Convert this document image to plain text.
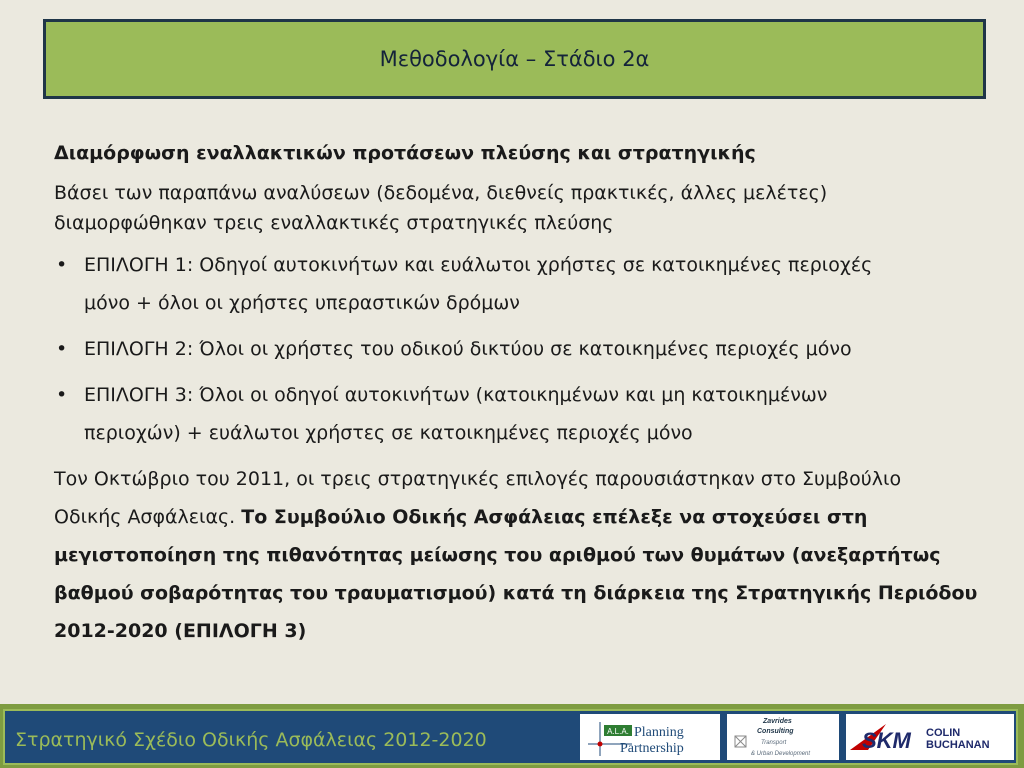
Μεθοδολογία – Στάδιο 2α
Διαμόρφωση εναλλακτικών προτάσεων πλεύσης και στρατηγικής
Βάσει των παραπάνω αναλύσεων (δεδομένα, διεθνείς πρακτικές, άλλες μελέτες)
διαμορφώθηκαν τρεις εναλλακτικές στρατηγικές πλεύσης
• ΕΠΙΛΟΓΗ 1: Οδηγοί αυτοκινήτων και ευάλωτοι χρήστες σε κατοικημένες περιοχές
μόνο + όλοι οι χρήστες υπεραστικών δρόμων
• ΕΠΙΛΟΓΗ 2: Όλοι οι χρήστες του οδικού δικτύου σε κατοικημένες περιοχές μόνο
• ΕΠΙΛΟΓΗ 3: Όλοι οι οδηγοί αυτοκινήτων (κατοικημένων και μη κατοικημένων
περιοχών) + ευάλωτοι χρήστες σε κατοικημένες περιοχές μόνο
Τον Οκτώβριο του 2011, οι τρεις στρατηγικές επιλογές παρουσιάστηκαν στο Συμβούλιο
Οδικής Ασφάλειας. Το Συμβούλιο Οδικής Ασφάλειας επέλεξε να στοχεύσει στη
μεγιστοποίηση της πιθανότητας μείωσης του αριθμού των θυμάτων (ανεξαρτήτως
βαθμού σοβαρότητας του τραυματισμού) κατά τη διάρκεια της Στρατηγικής Περιόδου
2012-2020 (ΕΠΙΛΟΓΗ 3)
Στρατηγικό Σχέδιο Οδικής Ασφάλειας 2012-2020	A.L.A. Planning
Partnership
Zavrides
Consulting
Transport
& Urban Development
SKM COLIN
BUCHANAN
